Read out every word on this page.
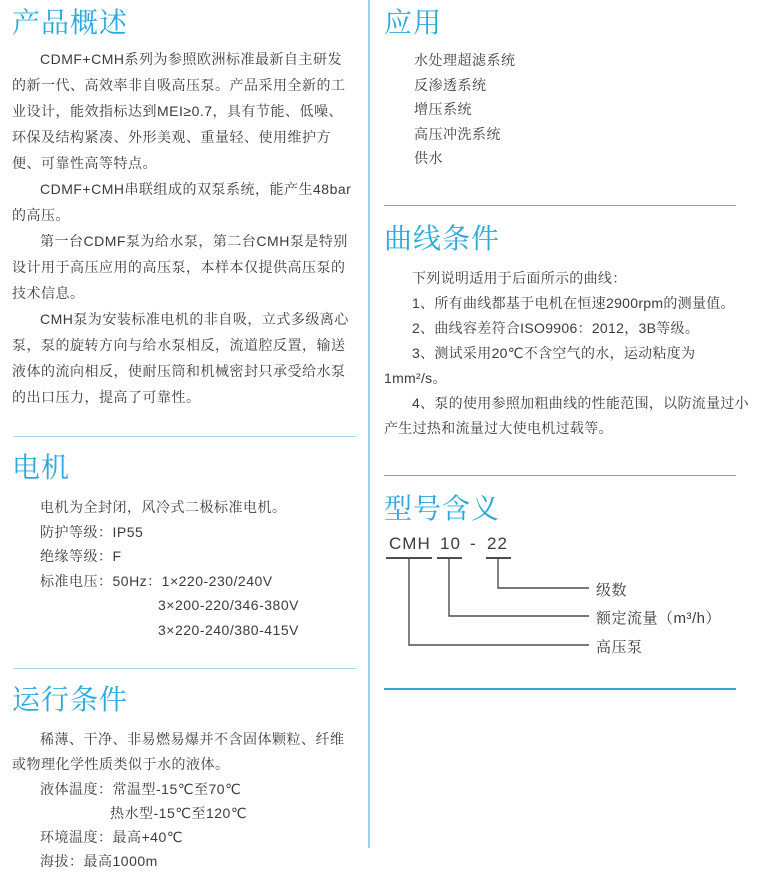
产品概述

CDMF+CMH系列为参照欧洲标准最新自主研发的新一代、高效率非自吸高压泵。产品采用全新的工业设计，能效指标达到MEI≥0.7，具有节能、低噪、环保及结构紧凑、外形美观、重量轻、使用维护方便、可靠性高等特点。

CDMF+CMH串联组成的双泵系统，能产生48bar的高压。

第一台CDMF泵为给水泵，第二台CMH泵是特别设计用于高压应用的高压泵，本样本仅提供高压泵的技术信息。

CMH泵为安装标准电机的非自吸，立式多级离心泵，泵的旋转方向与给水泵相反，流道腔反置，输送液体的流向相反，使耐压筒和机械密封只承受给水泵的出口压力，提高了可靠性。

电机
电机为全封闭，风冷式二极标准电机。
防护等级：IP55
绝缘等级：F
标准电压：50Hz：1×220-230/240V
3×200-220/346-380V
3×220-240/380-415V
运行条件

稀薄、干净、非易燃易爆并不含固体颗粒、纤维或物理化学性质类似于水的液体。

液体温度：常温型-15℃至70℃
热水型-15℃至120℃
环境温度：最高+40℃
海拔：最高1000m
应用
水处理超滤系统
反渗透系统
增压系统
高压冲洗系统
供水
曲线条件

下列说明适用于后面所示的曲线：

1、所有曲线都基于电机在恒速2900rpm的测量值。

2、曲线容差符合ISO9906：2012，3B等级。

3、测试采用20℃不含空气的水，运动粘度为1mm²/s。

4、泵的使用参照加粗曲线的性能范围，以防流量过小产生过热和流量过大使电机过载等。

型号含义
CMH 10 - 22
级数
额定流量（m³/h）
高压泵
